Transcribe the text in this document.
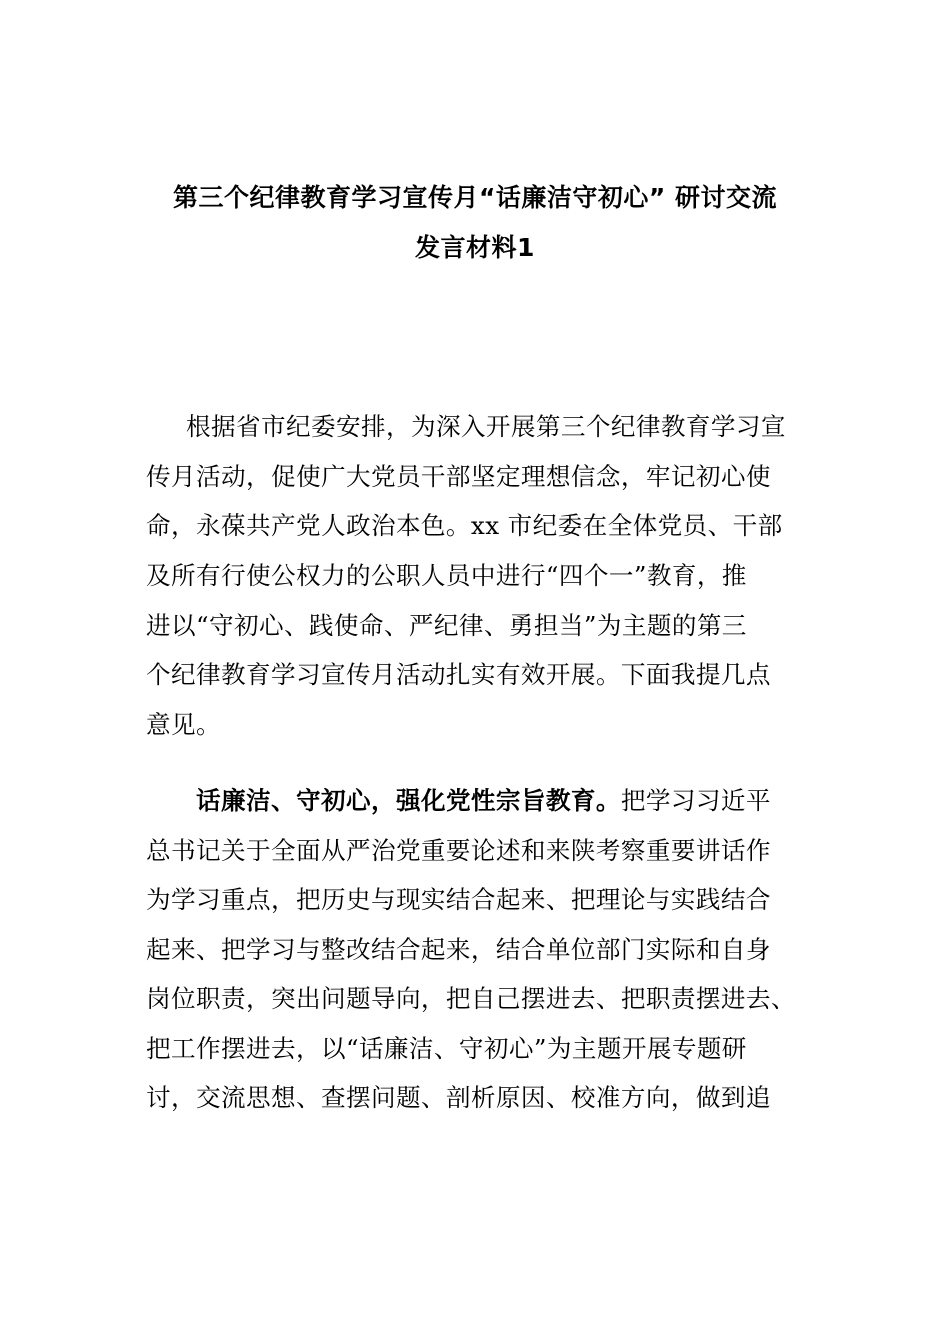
第三个纪律教育学习宣传月“话廉洁守初心” 研讨交流
发言材料1
根据省市纪委安排，为深入开展第三个纪律教育学习宣
传月活动，促使广大党员干部坚定理想信念，牢记初心使
命，永葆共产党人政治本色。xx 市纪委在全体党员、干部
及所有行使公权力的公职人员中进行“四个一”教育，推
进以“守初心、践使命、严纪律、勇担当”为主题的第三
个纪律教育学习宣传月活动扎实有效开展。下面我提几点
意见。
话廉洁、守初心，强化党性宗旨教育。把学习习近平
总书记关于全面从严治党重要论述和来陕考察重要讲话作
为学习重点，把历史与现实结合起来、把理论与实践结合
起来、把学习与整改结合起来，结合单位部门实际和自身
岗位职责，突出问题导向，把自己摆进去、把职责摆进去、
把工作摆进去，以“话廉洁、守初心”为主题开展专题研
讨，交流思想、查摆问题、剖析原因、校准方向，做到追
